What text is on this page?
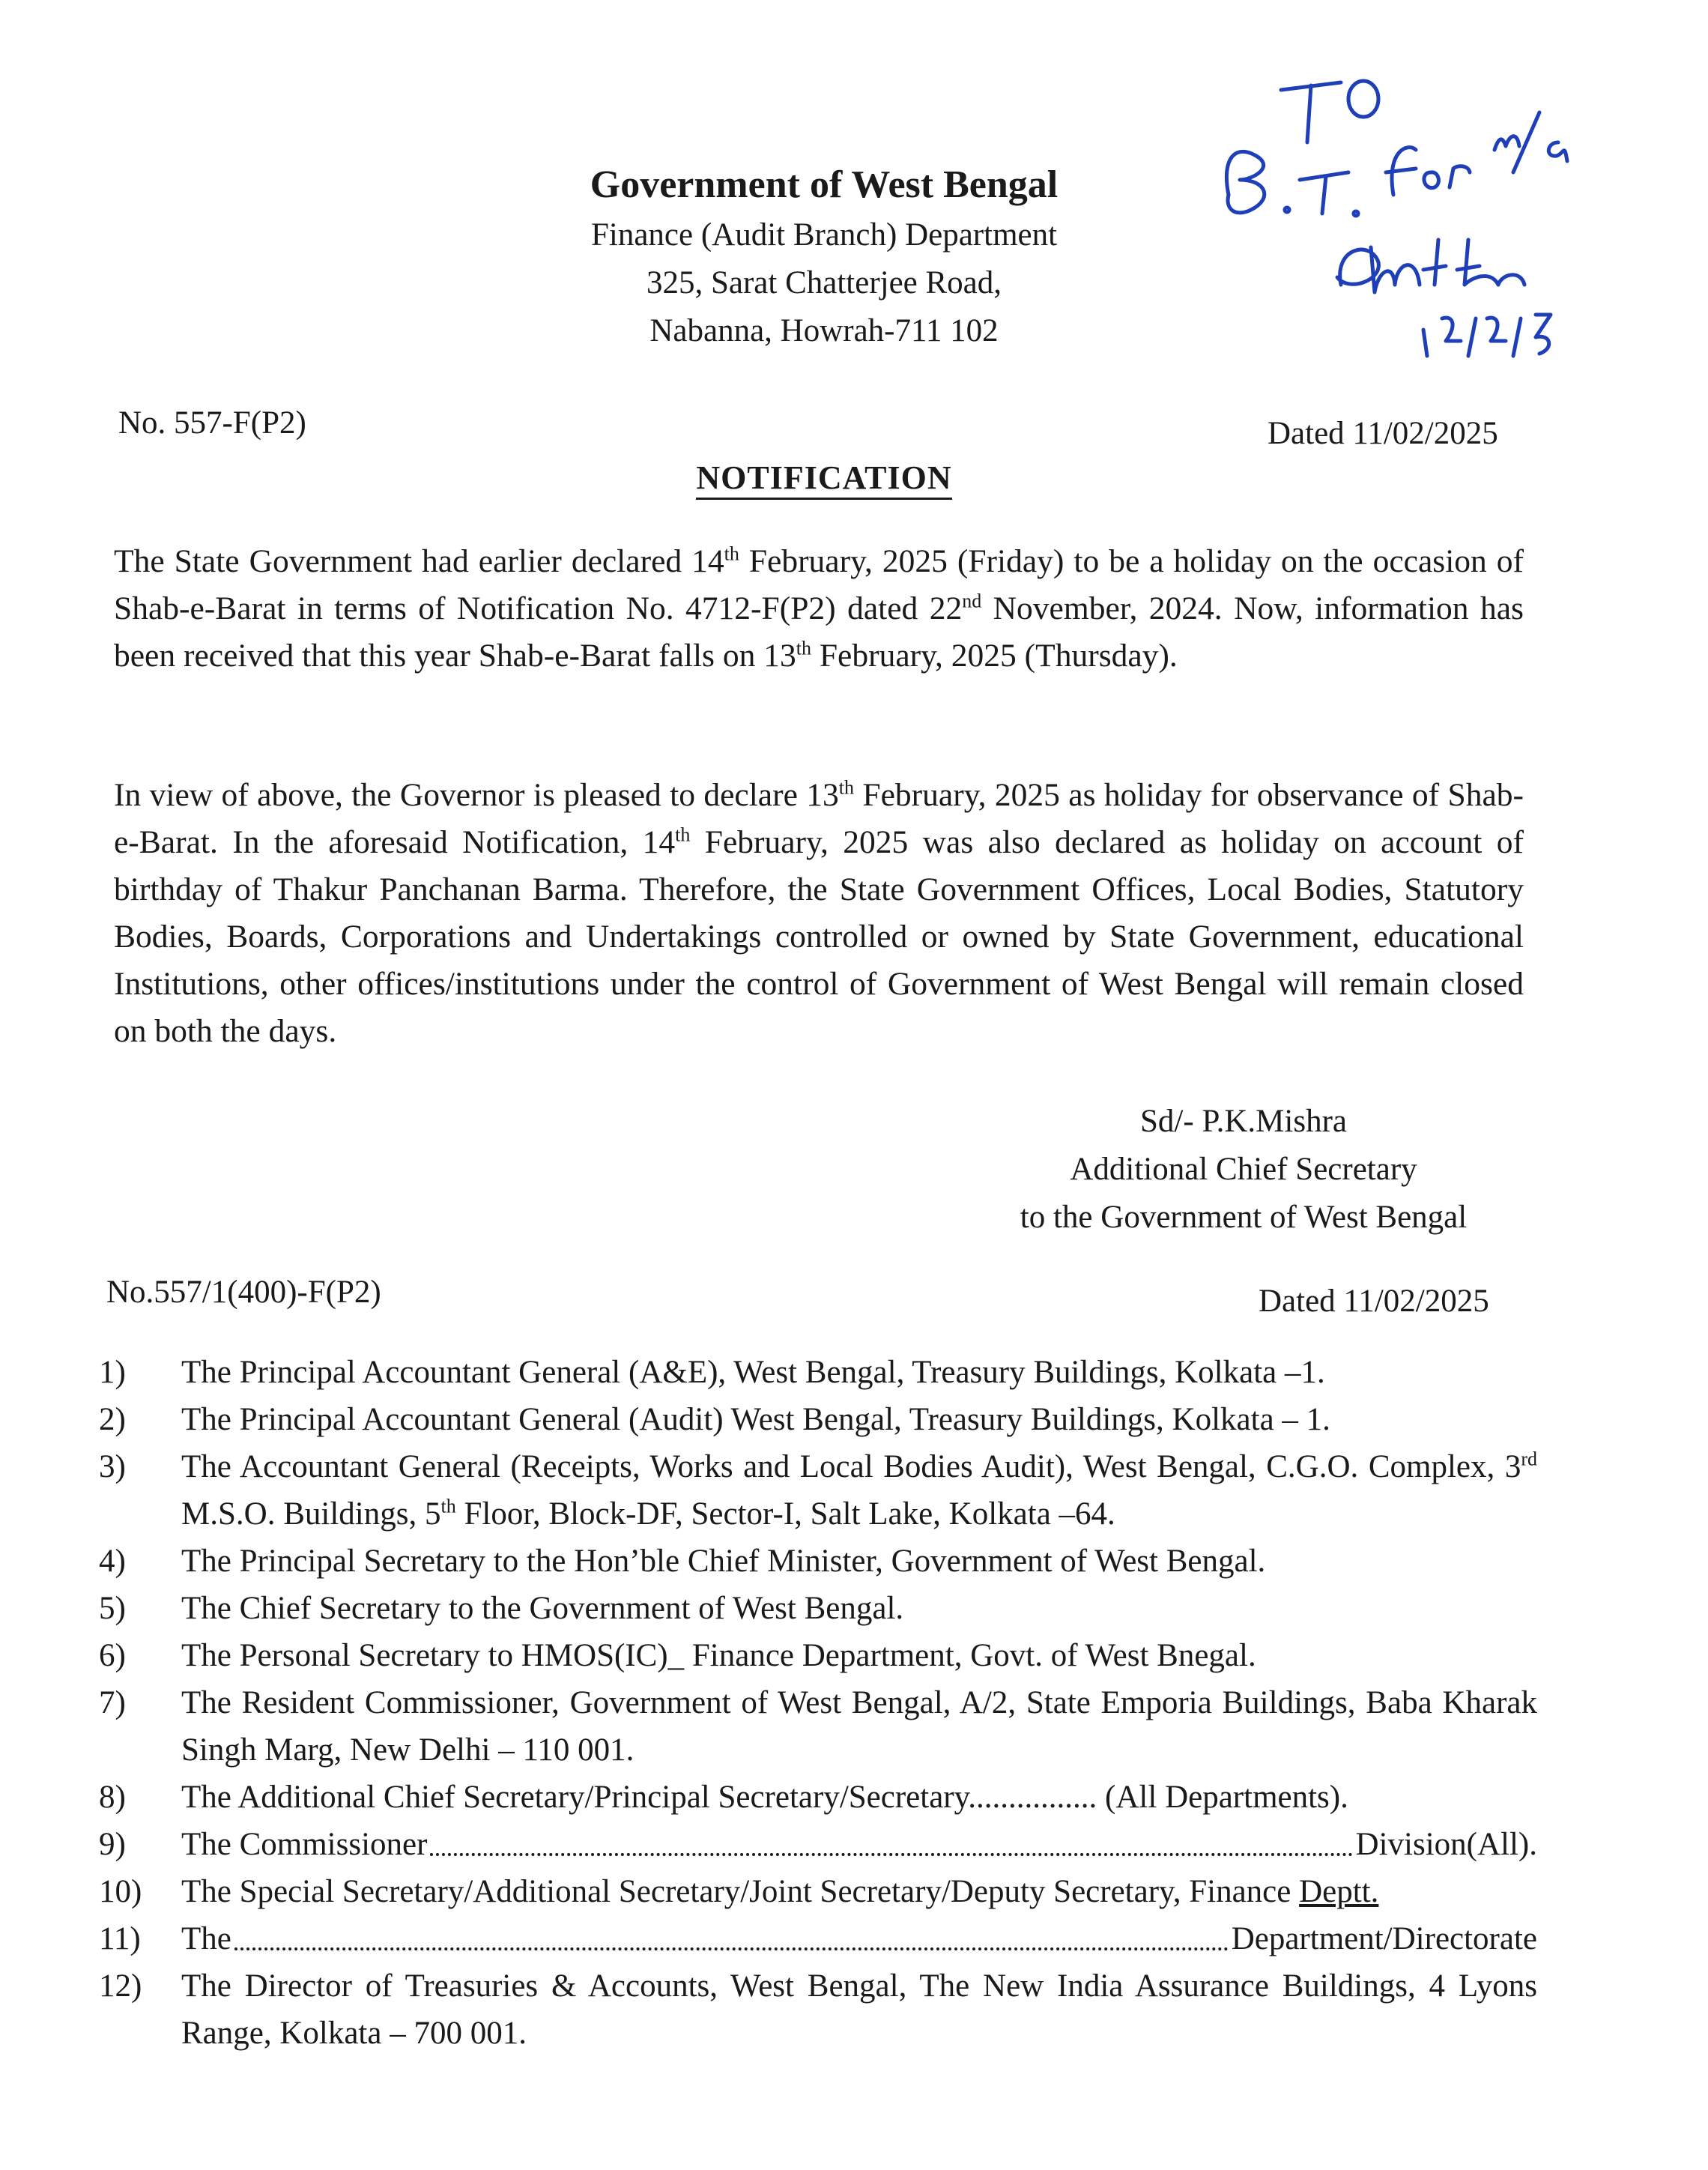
Government of West Bengal
Finance (Audit Branch) Department
325, Sarat Chatterjee Road,
Nabanna, Howrah-711 102
No. 557-F(P2)	Dated 11/02/2025
NOTIFICATION
The State Government had earlier declared 14th February, 2025 (Friday) to be a holiday on the occasion of Shab-e-Barat in terms of Notification No. 4712-F(P2) dated 22nd November, 2024. Now, information has been received that this year Shab-e-Barat falls on 13th February, 2025 (Thursday).
In view of above, the Governor is pleased to declare 13th February, 2025 as holiday for observance of Shab-e-Barat. In the aforesaid Notification, 14th February, 2025 was also declared as holiday on account of birthday of Thakur Panchanan Barma. Therefore, the State Government Offices, Local Bodies, Statutory Bodies, Boards, Corporations and Undertakings controlled or owned by State Government, educational Institutions, other offices/institutions under the control of Government of West Bengal will remain closed on both the days.
Sd/- P.K.Mishra
Additional Chief Secretary
to the Government of West Bengal
No.557/1(400)-F(P2)	Dated 11/02/2025
1)	The Principal Accountant General (A&E), West Bengal, Treasury Buildings, Kolkata –1.
2)	The Principal Accountant General (Audit) West Bengal, Treasury Buildings, Kolkata – 1.
3)	The Accountant General (Receipts, Works and Local Bodies Audit), West Bengal, C.G.O. Complex, 3rd M.S.O. Buildings, 5th Floor, Block-DF, Sector-I, Salt Lake, Kolkata –64.
4)	The Principal Secretary to the Hon’ble Chief Minister, Government of West Bengal.
5)	The Chief Secretary to the Government of West Bengal.
6)	The Personal Secretary to HMOS(IC)_ Finance Department, Govt. of West Bnegal.
7)	The Resident Commissioner, Government of West Bengal, A/2, State Emporia Buildings, Baba Kharak Singh Marg, New Delhi – 110 001.
8)	The Additional Chief Secretary/Principal Secretary/Secretary................ (All Departments).
9)	The Commissioner	Division(All).
10)	The Special Secretary/Additional Secretary/Joint Secretary/Deputy Secretary, Finance Deptt.
11)	The	Department/Directorate
12)	The Director of Treasuries & Accounts, West Bengal, The New India Assurance Buildings, 4 Lyons Range, Kolkata – 700 001.
